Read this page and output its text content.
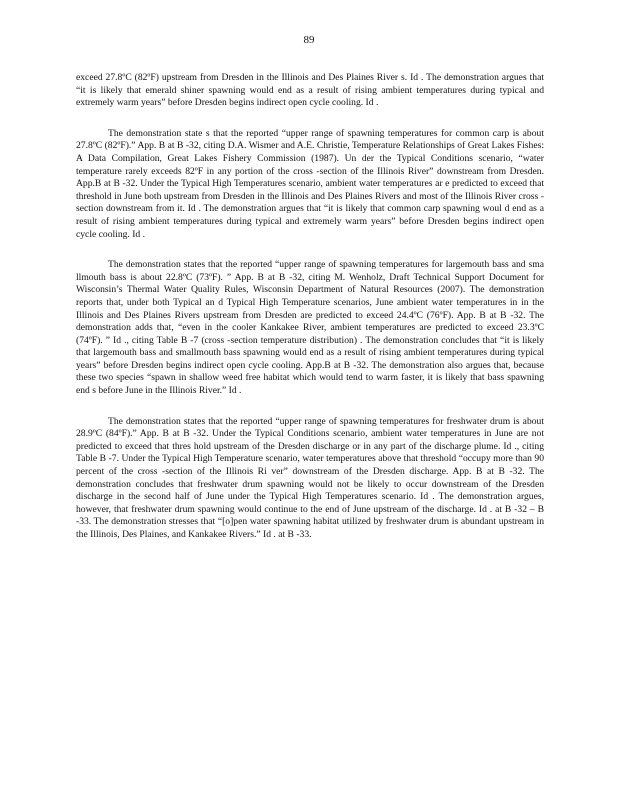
89

exceed 27.8ºC (82ºF) upstream from Dresden in the Illinois and Des Plaines River s. Id . The demonstration argues that “it is likely that emerald shiner spawning would end as a result of rising ambient temperatures during typical and extremely warm years” before Dresden begins indirect open cycle cooling. Id .

The demonstration state s that the reported “upper range of spawning temperatures for common carp is about 27.8ºC (82ºF).” App. B at B -32, citing D.A. Wismer and A.E. Christie, Temperature Relationships of Great Lakes Fishes: A Data Compilation, Great Lakes Fishery Commission (1987). Un der the Typical Conditions scenario, “water temperature rarely exceeds 82ºF in any portion of the cross -section of the Illinois River” downstream from Dresden. App.B at B -32. Under the Typical High Temperatures scenario, ambient water temperatures ar e predicted to exceed that threshold in June both upstream from Dresden in the Illinois and Des Plaines Rivers and most of the Illinois River cross -section downstream from it. Id . The demonstration argues that “it is likely that common carp spawning woul d end as a result of rising ambient temperatures during typical and extremely warm years” before Dresden begins indirect open cycle cooling. Id .

The demonstration states that the reported “upper range of spawning temperatures for largemouth bass and sma llmouth bass is about 22.8ºC (73ºF). ” App. B at B -32, citing M. Wenholz, Draft Technical Support Document for Wisconsin’s Thermal Water Quality Rules, Wisconsin Department of Natural Resources (2007). The demonstration reports that, under both Typical an d Typical High Temperature scenarios, June ambient water temperatures in in the Illinois and Des Plaines Rivers upstream from Dresden are predicted to exceed 24.4ºC (76ºF). App. B at B -32. The demonstration adds that, “even in the cooler Kankakee River, ambient temperatures are predicted to exceed 23.3ºC (74ºF). ” Id ., citing Table B -7 (cross -section temperature distribution) . The demonstration concludes that “it is likely that largemouth bass and smallmouth bass spawning would end as a result of rising ambient temperatures during typical years” before Dresden begins indirect open cycle cooling. App.B at B -32. The demonstration also argues that, because these two species “spawn in shallow weed free habitat which would tend to warm faster, it is likely that bass spawning end s before June in the Illinois River.” Id .

The demonstration states that the reported “upper range of spawning temperatures for freshwater drum is about 28.9ºC (84ºF).” App. B at B -32. Under the Typical Conditions scenario, ambient water temperatures in June are not predicted to exceed that thres hold upstream of the Dresden discharge or in any part of the discharge plume. Id ., citing Table B -7. Under the Typical High Temperature scenario, water temperatures above that threshold “occupy more than 90 percent of the cross -section of the Illinois Ri ver” downstream of the Dresden discharge. App. B at B -32. The demonstration concludes that freshwater drum spawning would not be likely to occur downstream of the Dresden discharge in the second half of June under the Typical High Temperatures scenario. Id . The demonstration argues, however, that freshwater drum spawning would continue to the end of June upstream of the discharge. Id . at B -32 – B -33. The demonstration stresses that “[o]pen water spawning habitat utilized by freshwater drum is abundant upstream in the Illinois, Des Plaines, and Kankakee Rivers.” Id . at B -33.
